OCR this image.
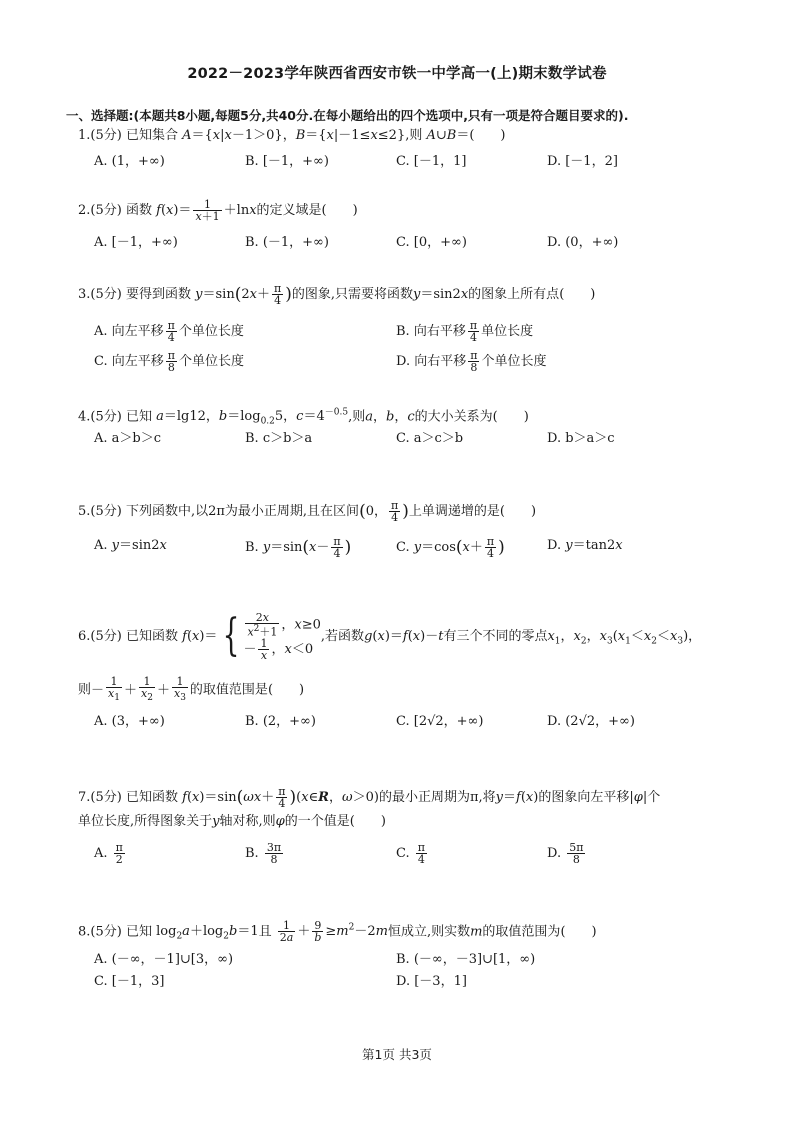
2022－2023学年陕西省西安市铁一中学高一(上)期末数学试卷
一、选择题:(本题共8小题,每题5分,共40分.在每小题给出的四个选项中,只有一项是符合题目要求的).
1.(5分) 已知集合 A＝{x|x－1＞0}，B＝{x|－1≤x≤2},则 A∪B＝(　　)
A. (1，+∞)	B. [－1，+∞)	C. [－1，1]	D. [－1，2]
2.(5分) 函数 $f(x)= \frac{1}{x+1} +\ln x$的定义域是(　　)
A. [－1，+∞)	B. (－1，+∞)	C. [0，+∞)	D. (0，+∞)
3.(5分) 要得到函数 $y=\sin(2x+ \frac{\pi}{4}$ )的图象,只需要将函数y＝sin2x的图象上所有点(　　)
A. 向左平移 $\frac{\pi}{4}$ 个单位长度	B. 向右平移 $\frac{\pi}{4}$ 单位长度
C. 向左平移 $\frac{\pi}{8}$ 个单位长度	D. 向右平移 $\frac{\pi}{8}$ 个单位长度
4.(5分) 已知 a＝lg12，$b=\log_{0.2}5$，$c=4^{-0.5}$,则a，b，c的大小关系为(　　)
A. a＞b＞c	B. c＞b＞a	C. a＞c＞b	D. b＞a＞c
5.(5分) 下列函数中,以2π为最小正周期,且在区间(0， $\frac{\pi}{4}$ )上单调递增的是(　　)
A. y＝sin2x	B. $y=\sin(x- \frac{\pi}{4}$ )	C. $y=\cos(x+ \frac{\pi}{4}$ )	D. y＝tan2x
6.(5分) 已知函数 f(x)＝ { $\frac{2x}{x^2+1}$ ，x≥0
－ $\frac{1}{x}$ ，x＜0
,若函数g(x)＝f(x)－t有三个不同的零点$x_1$，$x_2$，$x_3(x_1<x_2<x_3)$，
则－ $\frac{1}{x_1} + \frac{1}{x_2} + \frac{1}{x_3}$ 的取值范围是(　　)
A. (3，+∞)	B. (2，+∞)	C. [2√2，+∞)	D. (2√2，+∞)
7.(5分) 已知函数 $f(x)=\sin(\omega x+ \frac{\pi}{4}$ )(x∈R，ω＞0)的最小正周期为π,将y＝f(x)的图象向左平移|φ|个
单位长度,所得图象关于y轴对称,则φ的一个值是(　　)
A. $\frac{\pi}{2}$	B. $\frac{3\pi}{8}$	C. $\frac{\pi}{4}$	D. $\frac{5\pi}{8}$
8.(5分) 已知 $\log_2a+\log_2b=1$且 $\frac{1}{2a} + \frac{9}{b} \ge m^2-2m$恒成立,则实数m的取值范围为(　　)
A. (－∞，－1]∪[3，∞)	B. (－∞，－3]∪[1，∞)
C. [－1，3]	D. [－3，1]
第1页 共3页
